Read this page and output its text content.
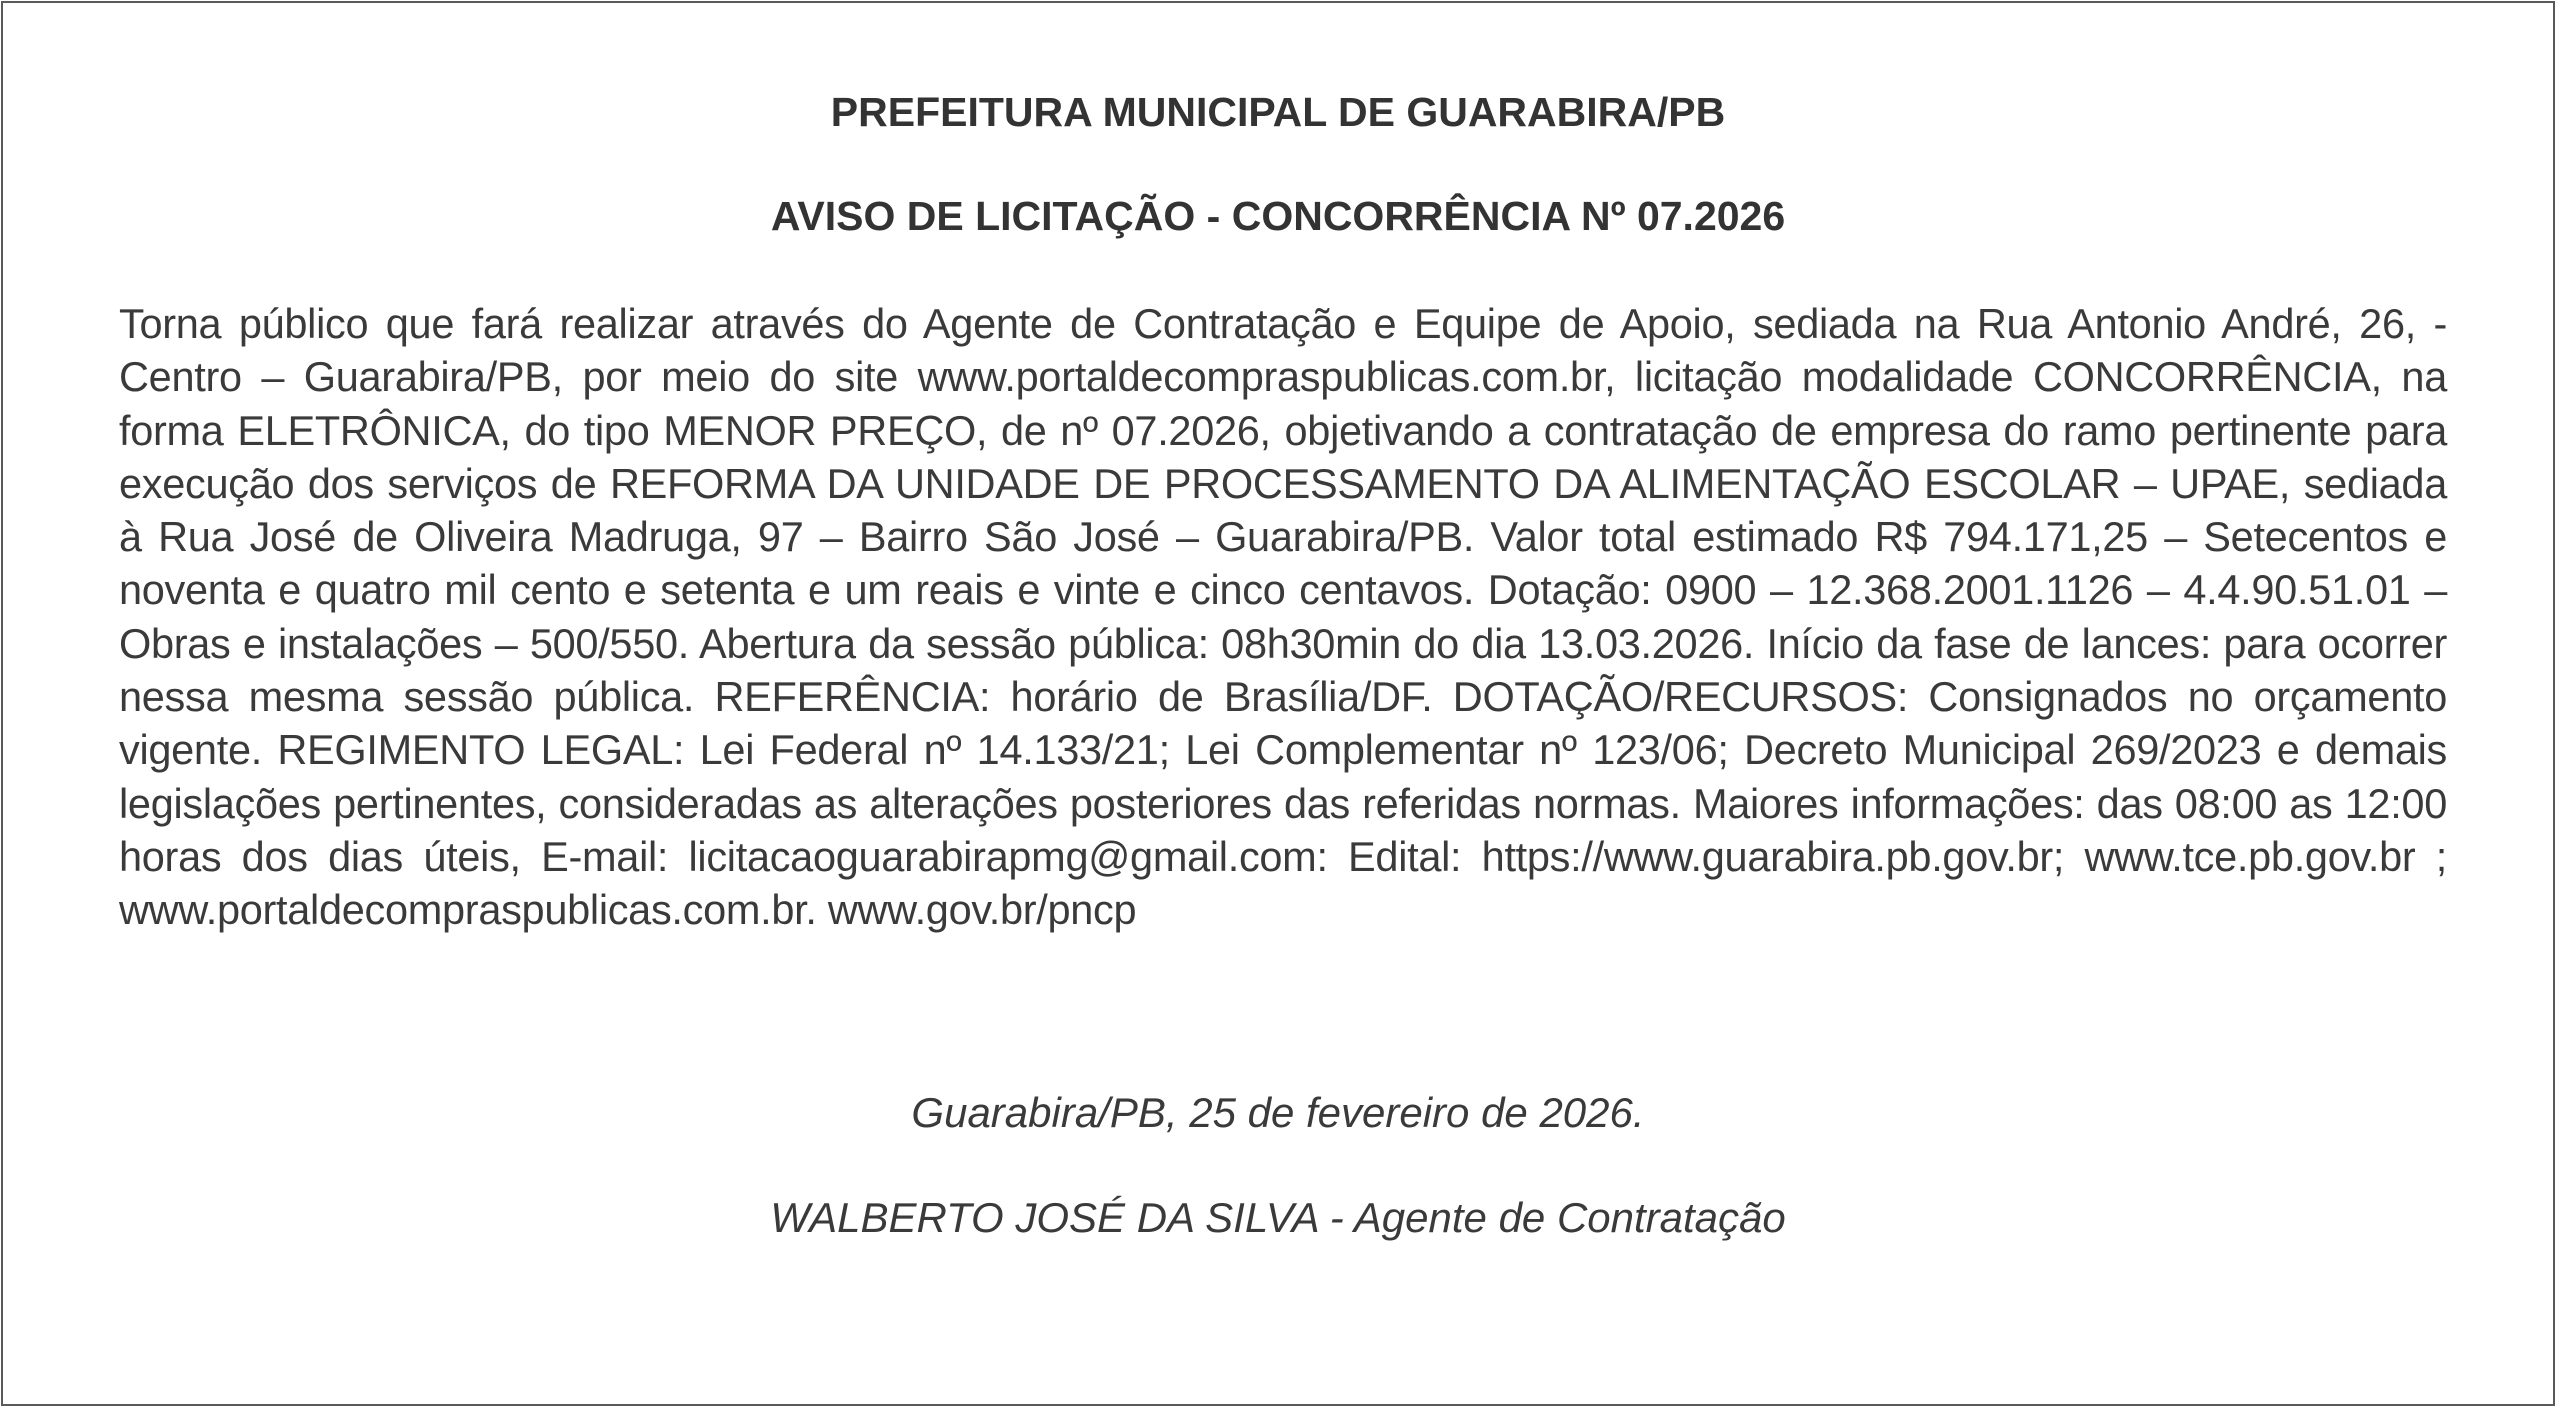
PREFEITURA MUNICIPAL DE GUARABIRA/PB
AVISO DE LICITAÇÃO - CONCORRÊNCIA Nº 07.2026

Torna público que fará realizar através do Agente de Contratação e Equipe de Apoio, sediada na Rua Antonio André, 26, - Centro – Guarabira/PB, por meio do site www.portaldecompraspublicas.com.br, licitação modalidade CONCORRÊNCIA, na forma ELETRÔNICA, do tipo MENOR PREÇO, de nº 07.2026, objetivando a contratação de empresa do ramo pertinente para execução dos serviços de REFORMA DA UNIDADE DE PROCESSAMENTO DA ALIMENTAÇÃO ESCOLAR – UPAE, sediada à Rua José de Oliveira Madruga, 97 – Bairro São José – Guarabira/PB. Valor total estimado R$ 794.171,25 – Setecentos e noventa e quatro mil cento e setenta e um reais e vinte e cinco centavos. Dotação: 0900 – 12.368.2001.1126 – 4.4.90.51.01 – Obras e instalações – 500/550. Abertura da sessão pública: 08h30min do dia 13.03.2026. Início da fase de lances: para ocorrer nessa mesma sessão pública. REFERÊNCIA: horário de Brasília/DF. DOTAÇÃO/RECURSOS: Consignados no orçamento vigente. REGIMENTO LEGAL: Lei Federal nº 14.133/21; Lei Complementar nº 123/06; Decreto Municipal 269/2023 e demais legislações pertinentes, consideradas as alterações posteriores das referidas normas. Maiores informações: das 08:00 as 12:00 horas dos dias úteis, E-mail: licitacaoguarabirapmg@gmail.com: Edital: https://www.guarabira.pb.gov.br; www.tce.pb.gov.br ; www.portaldecompraspublicas.com.br. www.gov.br/pncp

Guarabira/PB, 25 de fevereiro de 2026.

WALBERTO JOSÉ DA SILVA - Agente de Contratação
